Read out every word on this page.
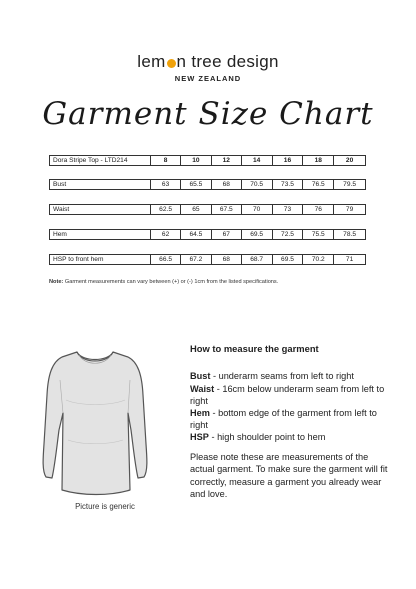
lem n tree design
NEW ZEALAND
Garment Size Chart
Dora Stripe Top - LTD214	8	10	12	14	16	18	20
Bust	63	65.5	68	70.5	73.5	76.5	79.5
Waist	62.5	65	67.5	70	73	76	79
Hem	62	64.5	67	69.5	72.5	75.5	78.5
HSP to front hem	66.5	67.2	68	68.7	69.5	70.2	71
Note: Garment measurements can vary between (+) or (-) 1cm from the listed specifications.
Picture is generic
How to measure the garment

Bust - underarm seams from left to right

Waist - 16cm below underarm seam from left to right

Hem - bottom edge of the garment from left to right

HSP - high shoulder point to hem

Please note these are measurements of the actual garment. To make sure the garment will fit correctly, measure a garment you already wear and love.
